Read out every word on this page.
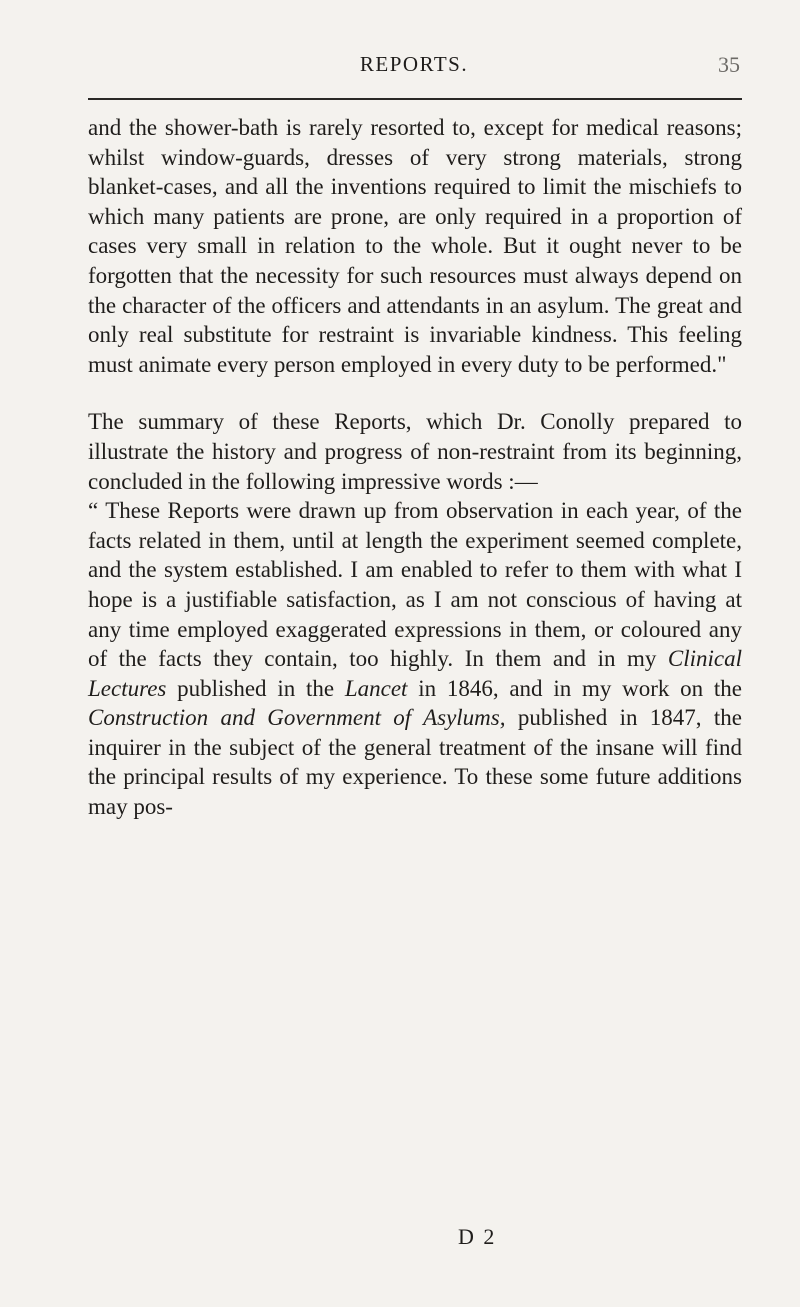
REPORTS.	35

and the shower-bath is rarely resorted to, except for medical reasons; whilst window-guards, dresses of very strong materials, strong blanket-cases, and all the inventions required to limit the mischiefs to which many patients are prone, are only required in a proportion of cases very small in relation to the whole. But it ought never to be forgotten that the necessity for such resources must always depend on the character of the officers and attendants in an asylum. The great and only real substitute for restraint is invariable kindness. This feeling must animate every person employed in every duty to be performed."

The summary of these Reports, which Dr. Conolly prepared to illustrate the history and progress of non-restraint from its beginning, concluded in the following impressive words :—

“ These Reports were drawn up from observation in each year, of the facts related in them, until at length the experiment seemed complete, and the system established. I am enabled to refer to them with what I hope is a justifiable satisfaction, as I am not conscious of having at any time employed exaggerated expressions in them, or coloured any of the facts they contain, too highly. In them and in my Clinical Lectures published in the Lancet in 1846, and in my work on the Construction and Government of Asylums, published in 1847, the inquirer in the subject of the general treatment of the insane will find the principal results of my experience. To these some future additions may pos-

D 2
